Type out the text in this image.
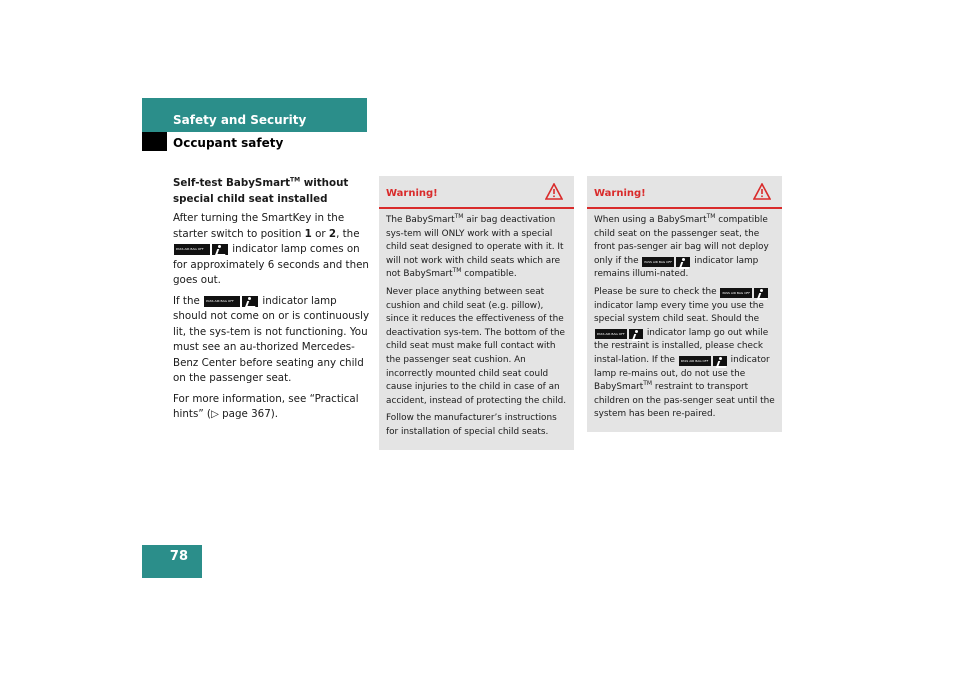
Safety and Security
Occupant safety

Self-test BabySmart™ without special child seat installed

After turning the SmartKey in the starter switch to position 1 or 2, the
PASS AIR BAG OFF indicator lamp comes on for approximately 6 seconds and then goes out.

If the PASS AIR BAG OFF indicator lamp should not come on or is continuously lit, the sys-tem is not functioning. You must see an au-thorized Mercedes-Benz Center before seating any child on the passenger seat.

For more information, see “Practical hints” (▷ page 367).

Warning!

The BabySmart™ air bag deactivation sys-tem will ONLY work with a special child seat designed to operate with it. It will not work with child seats which are not BabySmart™ compatible.

Never place anything between seat cushion and child seat (e.g. pillow), since it reduces the effectiveness of the deactivation sys-tem. The bottom of the child seat must make full contact with the passenger seat cushion. An incorrectly mounted child seat could cause injuries to the child in case of an accident, instead of protecting the child.

Follow the manufacturer’s instructions for installation of special child seats.

Warning!

When using a BabySmart™ compatible child seat on the passenger seat, the front pas-senger air bag will not deploy only if the PASS AIR BAG OFF indicator lamp remains illumi-nated.

Please be sure to check the PASS AIR BAG OFF indicator lamp every time you use the special system child seat. Should the PASS AIR BAG OFF indicator lamp go out while the restraint is installed, please check instal-lation. If the PASS AIR BAG OFF indicator lamp re-mains out, do not use the BabySmart™ restraint to transport children on the pas-senger seat until the system has been re-paired.

78
